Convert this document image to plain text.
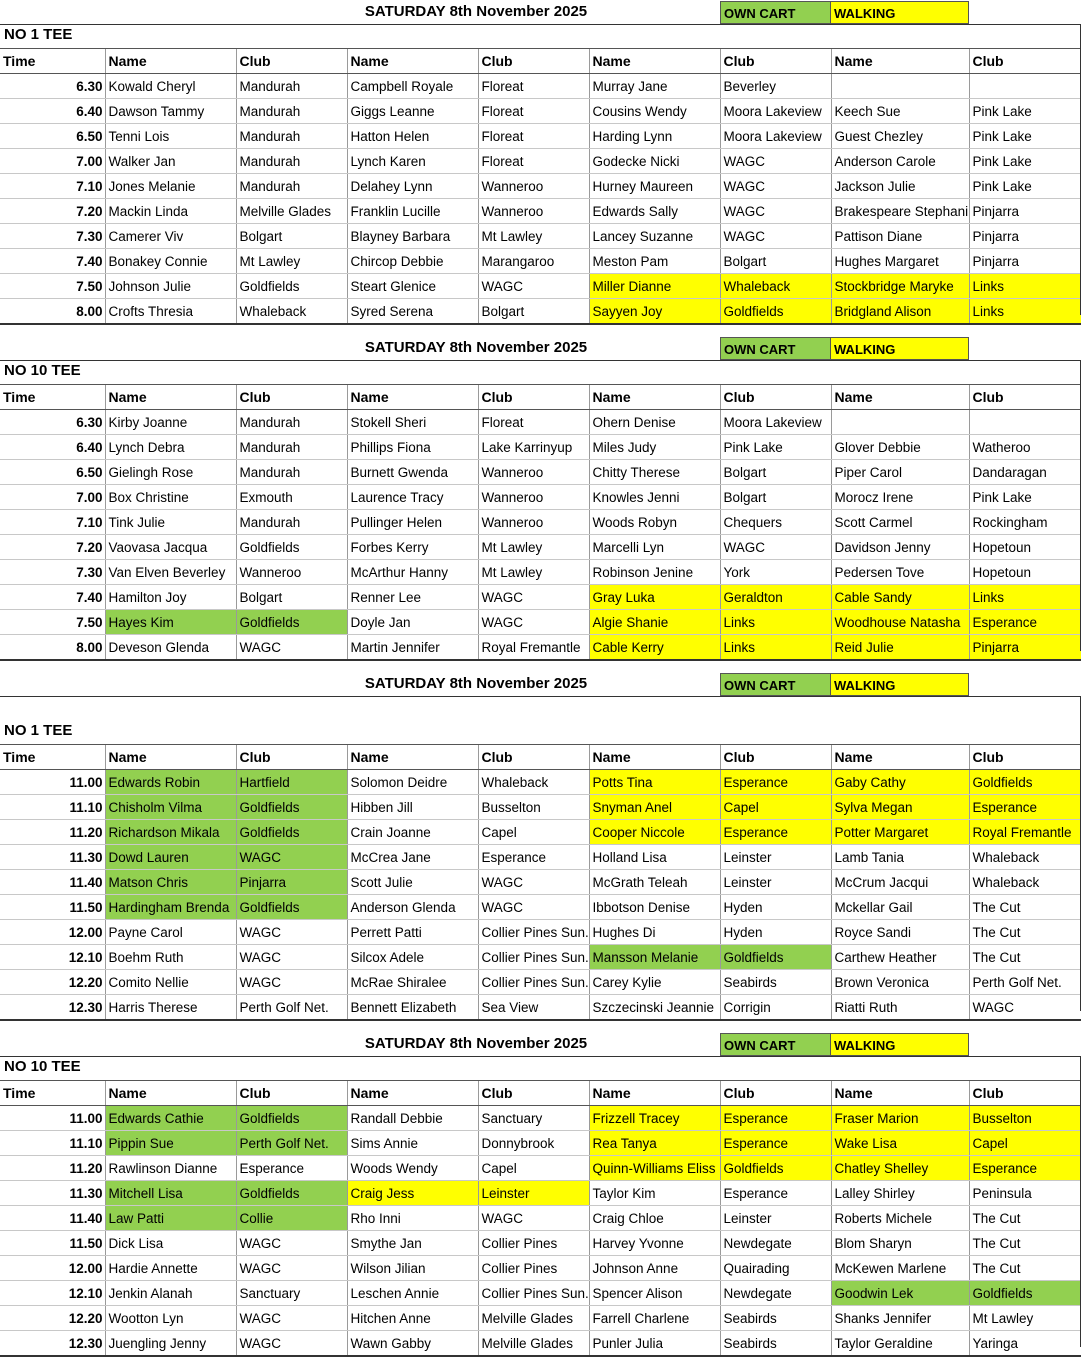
SATURDAY 8th November 2025	OWN CART	WALKING
NO 1 TEE
Time	Name	Club	Name	Club	Name	Club	Name	Club
6.30	Kowald Cheryl	Mandurah	Campbell Royale	Floreat	Murray Jane	Beverley		
6.40	Dawson Tammy	Mandurah	Giggs Leanne	Floreat	Cousins Wendy	Moora Lakeview	Keech Sue	Pink Lake
6.50	Tenni Lois	Mandurah	Hatton Helen	Floreat	Harding Lynn	Moora Lakeview	Guest Chezley	Pink Lake
7.00	Walker Jan	Mandurah	Lynch Karen	Floreat	Godecke Nicki	WAGC	Anderson Carole	Pink Lake
7.10	Jones Melanie	Mandurah	Delahey Lynn	Wanneroo	Hurney Maureen	WAGC	Jackson Julie	Pink Lake
7.20	Mackin Linda	Melville Glades	Franklin Lucille	Wanneroo	Edwards Sally	WAGC	Brakespeare Stephani	Pinjarra
7.30	Camerer Viv	Bolgart	Blayney Barbara	Mt Lawley	Lancey Suzanne	WAGC	Pattison Diane	Pinjarra
7.40	Bonakey Connie	Mt Lawley	Chircop Debbie	Marangaroo	Meston Pam	Bolgart	Hughes Margaret	Pinjarra
7.50	Johnson Julie	Goldfields	Steart Glenice	WAGC	Miller Dianne	Whaleback	Stockbridge Maryke	Links
8.00	Crofts Thresia	Whaleback	Syred Serena	Bolgart	Sayyen Joy	Goldfields	Bridgland Alison	Links
SATURDAY 8th November 2025	OWN CART	WALKING
NO 10 TEE
Time	Name	Club	Name	Club	Name	Club	Name	Club
6.30	Kirby Joanne	Mandurah	Stokell Sheri	Floreat	Ohern Denise	Moora Lakeview		
6.40	Lynch Debra	Mandurah	Phillips Fiona	Lake Karrinyup	Miles Judy	Pink Lake	Glover Debbie	Watheroo
6.50	Gielingh Rose	Mandurah	Burnett Gwenda	Wanneroo	Chitty Therese	Bolgart	Piper Carol	Dandaragan
7.00	Box Christine	Exmouth	Laurence Tracy	Wanneroo	Knowles Jenni	Bolgart	Morocz Irene	Pink Lake
7.10	Tink Julie	Mandurah	Pullinger Helen	Wanneroo	Woods Robyn	Chequers	Scott Carmel	Rockingham
7.20	Vaovasa Jacqua	Goldfields	Forbes Kerry	Mt Lawley	Marcelli Lyn	WAGC	Davidson Jenny	Hopetoun
7.30	Van Elven Beverley	Wanneroo	McArthur Hanny	Mt Lawley	Robinson Jenine	York	Pedersen Tove	Hopetoun
7.40	Hamilton Joy	Bolgart	Renner Lee	WAGC	Gray Luka	Geraldton	Cable Sandy	Links
7.50	Hayes Kim	Goldfields	Doyle Jan	WAGC	Algie Shanie	Links	Woodhouse Natasha	Esperance
8.00	Deveson Glenda	WAGC	Martin Jennifer	Royal Fremantle	Cable Kerry	Links	Reid Julie	Pinjarra
SATURDAY 8th November 2025	OWN CART	WALKING
NO 1 TEE
Time	Name	Club	Name	Club	Name	Club	Name	Club
11.00	Edwards Robin	Hartfield	Solomon Deidre	Whaleback	Potts Tina	Esperance	Gaby Cathy	Goldfields
11.10	Chisholm Vilma	Goldfields	Hibben Jill	Busselton	Snyman Anel	Capel	Sylva Megan	Esperance
11.20	Richardson Mikala	Goldfields	Crain Joanne	Capel	Cooper Niccole	Esperance	Potter Margaret	Royal Fremantle
11.30	Dowd Lauren	WAGC	McCrea Jane	Esperance	Holland Lisa	Leinster	Lamb Tania	Whaleback
11.40	Matson Chris	Pinjarra	Scott Julie	WAGC	McGrath Teleah	Leinster	McCrum Jacqui	Whaleback
11.50	Hardingham Brenda	Goldfields	Anderson Glenda	WAGC	Ibbotson Denise	Hyden	Mckellar Gail	The Cut
12.00	Payne Carol	WAGC	Perrett Patti	Collier Pines Sun.	Hughes Di	Hyden	Royce Sandi	The Cut
12.10	Boehm Ruth	WAGC	Silcox Adele	Collier Pines Sun.	Mansson Melanie	Goldfields	Carthew Heather	The Cut
12.20	Comito Nellie	WAGC	McRae Shiralee	Collier Pines Sun.	Carey Kylie	Seabirds	Brown Veronica	Perth Golf Net.
12.30	Harris Therese	Perth Golf Net.	Bennett Elizabeth	Sea View	Szczecinski Jeannie	Corrigin	Riatti Ruth	WAGC
SATURDAY 8th November 2025	OWN CART	WALKING
NO 10 TEE
Time	Name	Club	Name	Club	Name	Club	Name	Club
11.00	Edwards Cathie	Goldfields	Randall Debbie	Sanctuary	Frizzell Tracey	Esperance	Fraser Marion	Busselton
11.10	Pippin Sue	Perth Golf Net.	Sims Annie	Donnybrook	Rea Tanya	Esperance	Wake Lisa	Capel
11.20	Rawlinson Dianne	Esperance	Woods Wendy	Capel	Quinn-Williams Eliss	Goldfields	Chatley Shelley	Esperance
11.30	Mitchell Lisa	Goldfields	Craig Jess	Leinster	Taylor Kim	Esperance	Lalley Shirley	Peninsula
11.40	Law Patti	Collie	Rho Inni	WAGC	Craig Chloe	Leinster	Roberts Michele	The Cut
11.50	Dick Lisa	WAGC	Smythe Jan	Collier Pines	Harvey Yvonne	Newdegate	Blom Sharyn	The Cut
12.00	Hardie Annette	WAGC	Wilson Jilian	Collier Pines	Johnson Anne	Quairading	McKewen Marlene	The Cut
12.10	Jenkin Alanah	Sanctuary	Leschen Annie	Collier Pines Sun.	Spencer Alison	Newdegate	Goodwin Lek	Goldfields
12.20	Wootton Lyn	WAGC	Hitchen Anne	Melville Glades	Farrell Charlene	Seabirds	Shanks Jennifer	Mt Lawley
12.30	Juengling Jenny	WAGC	Wawn Gabby	Melville Glades	Punler Julia	Seabirds	Taylor Geraldine	Yaringa
